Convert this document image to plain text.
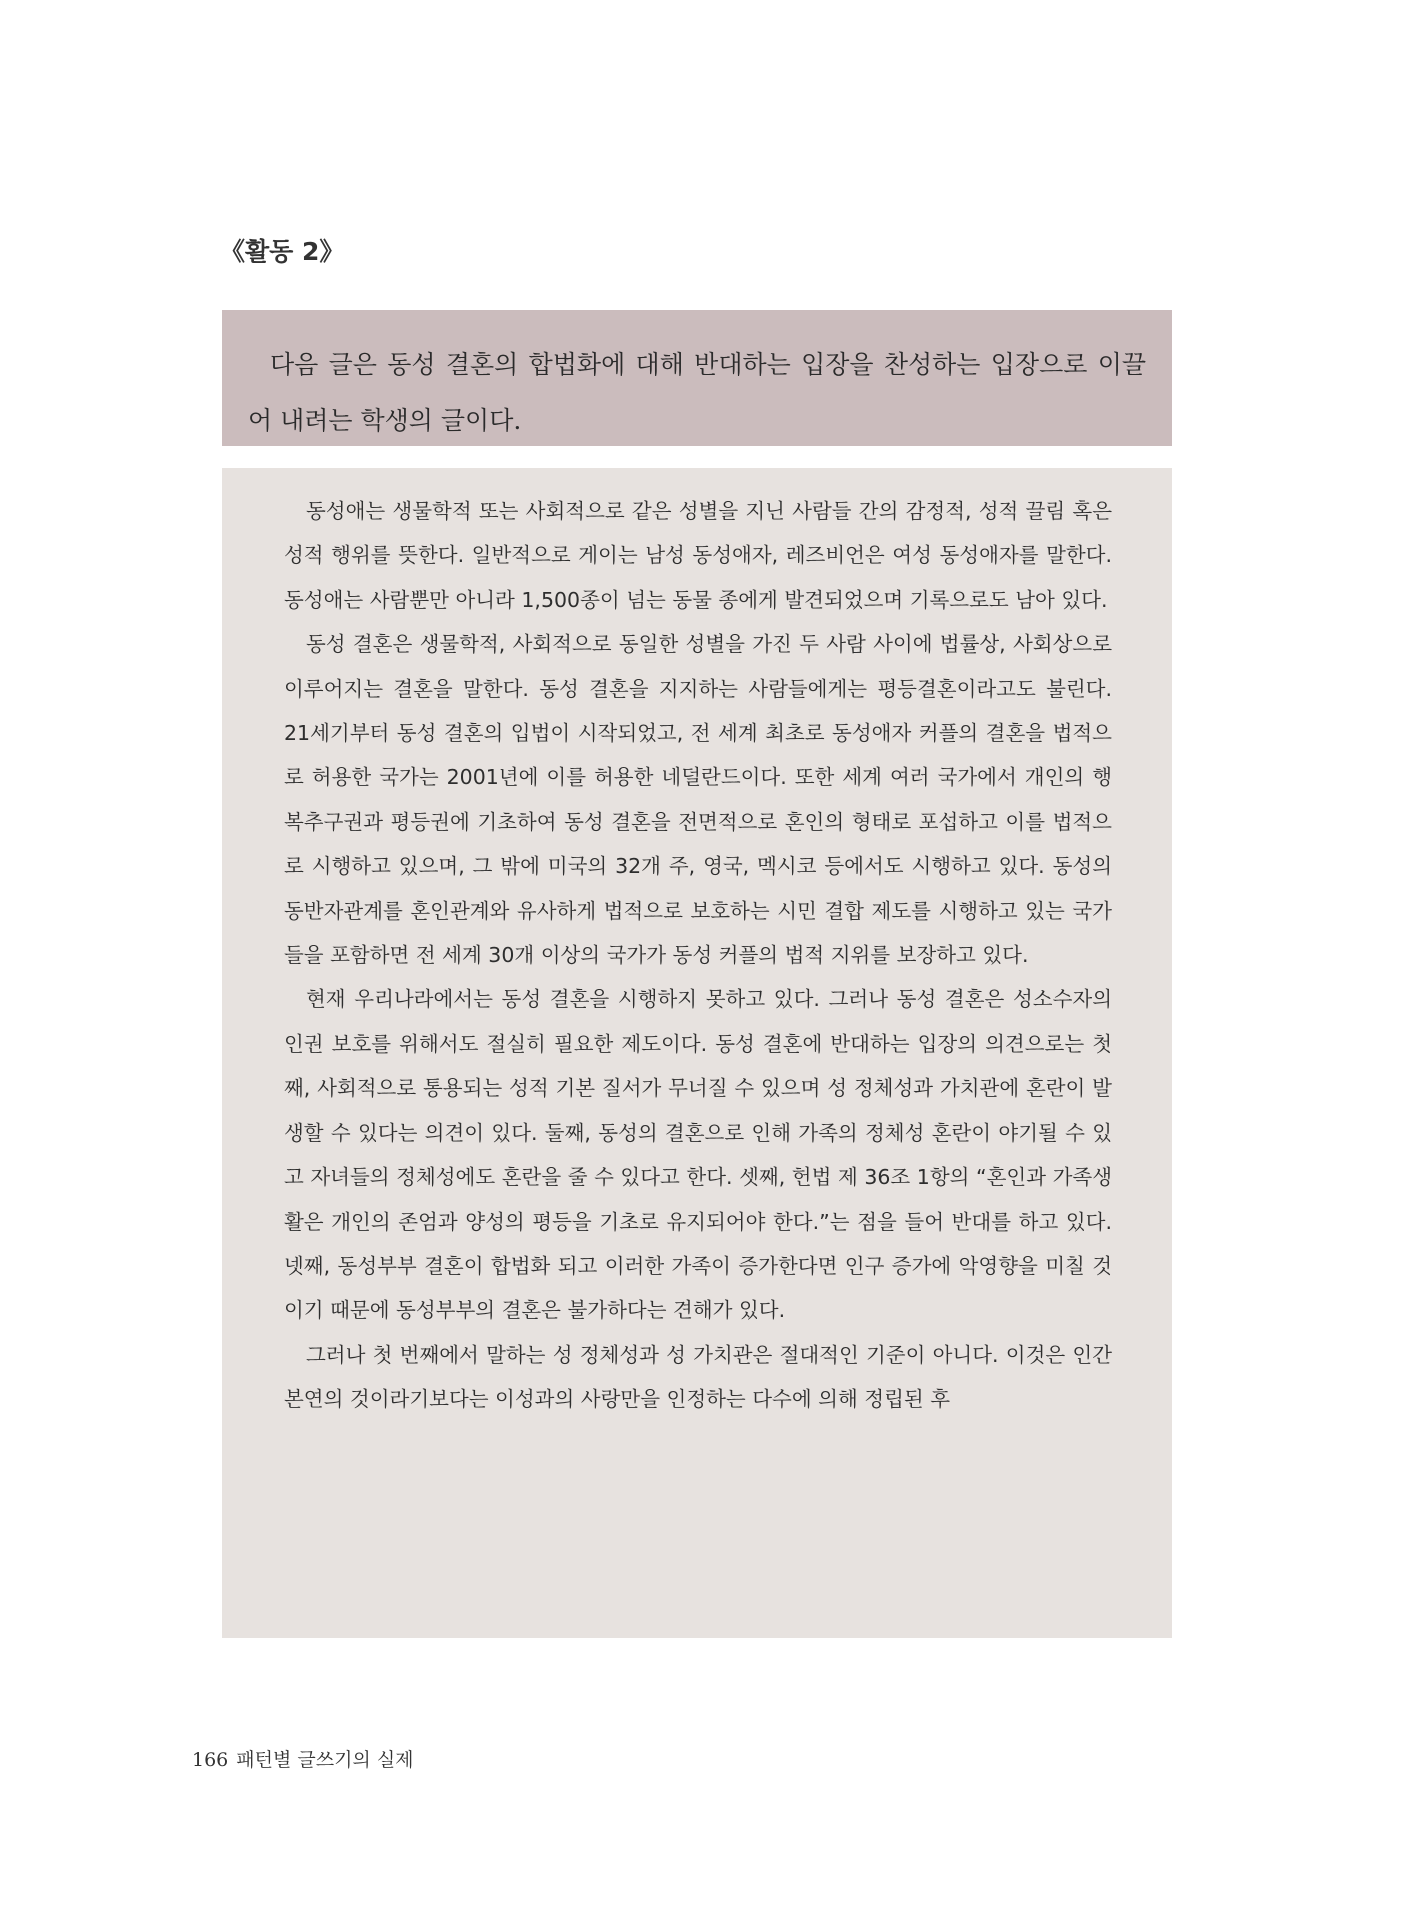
《활동 2》

다음 글은 동성 결혼의 합법화에 대해 반대하는 입장을 찬성하는 입장으로 이끌어 내려는 학생의 글이다.

동성애는 생물학적 또는 사회적으로 같은 성별을 지닌 사람들 간의 감정적, 성적 끌림 혹은 성적 행위를 뜻한다. 일반적으로 게이는 남성 동성애자, 레즈비언은 여성 동성애자를 말한다. 동성애는 사람뿐만 아니라 1,500종이 넘는 동물 종에게 발견되었으며 기록으로도 남아 있다.

동성 결혼은 생물학적, 사회적으로 동일한 성별을 가진 두 사람 사이에 법률상, 사회상으로 이루어지는 결혼을 말한다. 동성 결혼을 지지하는 사람들에게는 평등결혼이라고도 불린다. 21세기부터 동성 결혼의 입법이 시작되었고, 전 세계 최초로 동성애자 커플의 결혼을 법적으로 허용한 국가는 2001년에 이를 허용한 네덜란드이다. 또한 세계 여러 국가에서 개인의 행복추구권과 평등권에 기초하여 동성 결혼을 전면적으로 혼인의 형태로 포섭하고 이를 법적으로 시행하고 있으며, 그 밖에 미국의 32개 주, 영국, 멕시코 등에서도 시행하고 있다. 동성의 동반자관계를 혼인관계와 유사하게 법적으로 보호하는 시민 결합 제도를 시행하고 있는 국가들을 포함하면 전 세계 30개 이상의 국가가 동성 커플의 법적 지위를 보장하고 있다.

현재 우리나라에서는 동성 결혼을 시행하지 못하고 있다. 그러나 동성 결혼은 성소수자의 인권 보호를 위해서도 절실히 필요한 제도이다. 동성 결혼에 반대하는 입장의 의견으로는 첫째, 사회적으로 통용되는 성적 기본 질서가 무너질 수 있으며 성 정체성과 가치관에 혼란이 발생할 수 있다는 의견이 있다. 둘째, 동성의 결혼으로 인해 가족의 정체성 혼란이 야기될 수 있고 자녀들의 정체성에도 혼란을 줄 수 있다고 한다. 셋째, 헌법 제 36조 1항의 “혼인과 가족생활은 개인의 존엄과 양성의 평등을 기초로 유지되어야 한다.”는 점을 들어 반대를 하고 있다. 넷째, 동성부부 결혼이 합법화 되고 이러한 가족이 증가한다면 인구 증가에 악영향을 미칠 것이기 때문에 동성부부의 결혼은 불가하다는 견해가 있다.

그러나 첫 번째에서 말하는 성 정체성과 성 가치관은 절대적인 기준이 아니다. 이것은 인간 본연의 것이라기보다는 이성과의 사랑만을 인정하는 다수에 의해 정립된 후

166 패턴별 글쓰기의 실제
